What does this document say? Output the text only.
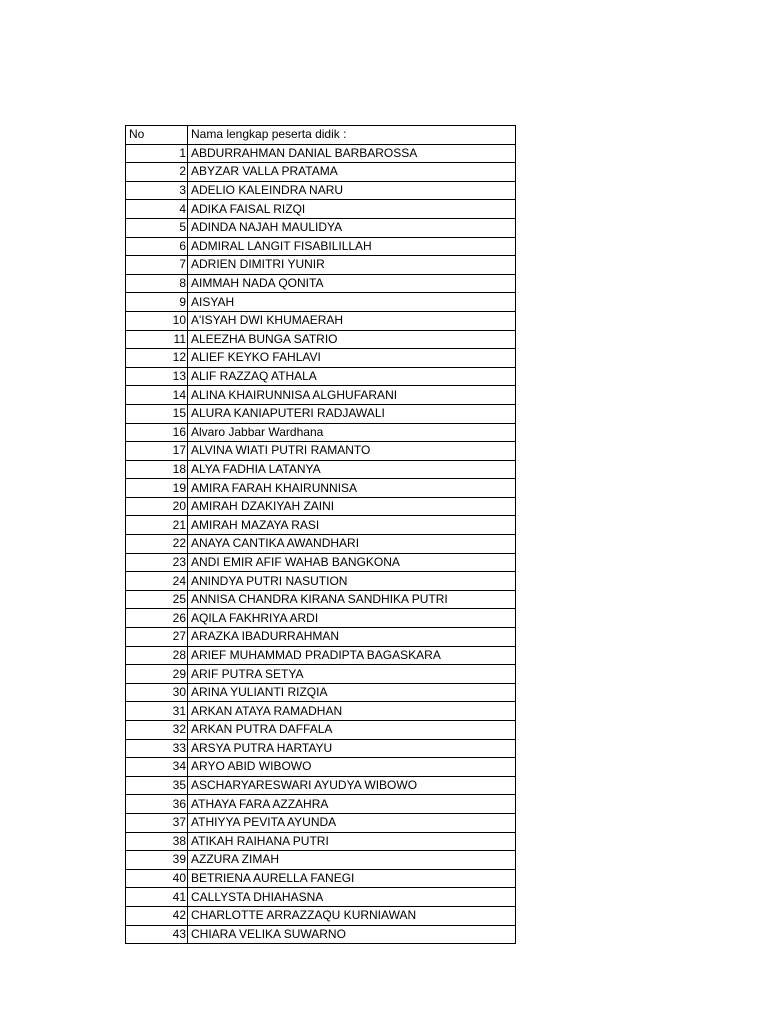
No	Nama lengkap peserta didik :
1	ABDURRAHMAN DANIAL BARBAROSSA
2	ABYZAR VALLA PRATAMA
3	ADELIO KALEINDRA NARU
4	ADIKA FAISAL RIZQI
5	ADINDA NAJAH MAULIDYA
6	ADMIRAL LANGIT FISABILILLAH
7	ADRIEN DIMITRI YUNIR
8	AIMMAH NADA QONITA
9	AISYAH
10	A'ISYAH DWI KHUMAERAH
11	ALEEZHA BUNGA SATRIO
12	ALIEF KEYKO FAHLAVI
13	ALIF RAZZAQ ATHALA
14	ALINA KHAIRUNNISA ALGHUFARANI
15	ALURA KANIAPUTERI RADJAWALI
16	Alvaro Jabbar Wardhana
17	ALVINA WIATI PUTRI RAMANTO
18	ALYA FADHIA LATANYA
19	AMIRA FARAH KHAIRUNNISA
20	AMIRAH DZAKIYAH ZAINI
21	AMIRAH MAZAYA RASI
22	ANAYA CANTIKA AWANDHARI
23	ANDI EMIR AFIF WAHAB BANGKONA
24	ANINDYA PUTRI NASUTION
25	ANNISA CHANDRA KIRANA SANDHIKA PUTRI
26	AQILA FAKHRIYA ARDI
27	ARAZKA IBADURRAHMAN
28	ARIEF MUHAMMAD PRADIPTA BAGASKARA
29	ARIF PUTRA SETYA
30	ARINA YULIANTI RIZQIA
31	ARKAN ATAYA RAMADHAN
32	ARKAN PUTRA DAFFALA
33	ARSYA PUTRA HARTAYU
34	ARYO ABID WIBOWO
35	ASCHARYARESWARI AYUDYA WIBOWO
36	ATHAYA FARA AZZAHRA
37	ATHIYYA PEVITA AYUNDA
38	ATIKAH RAIHANA PUTRI
39	AZZURA ZIMAH
40	BETRIENA AURELLA FANEGI
41	CALLYSTA DHIAHASNA
42	CHARLOTTE ARRAZZAQU KURNIAWAN
43	CHIARA VELIKA SUWARNO
